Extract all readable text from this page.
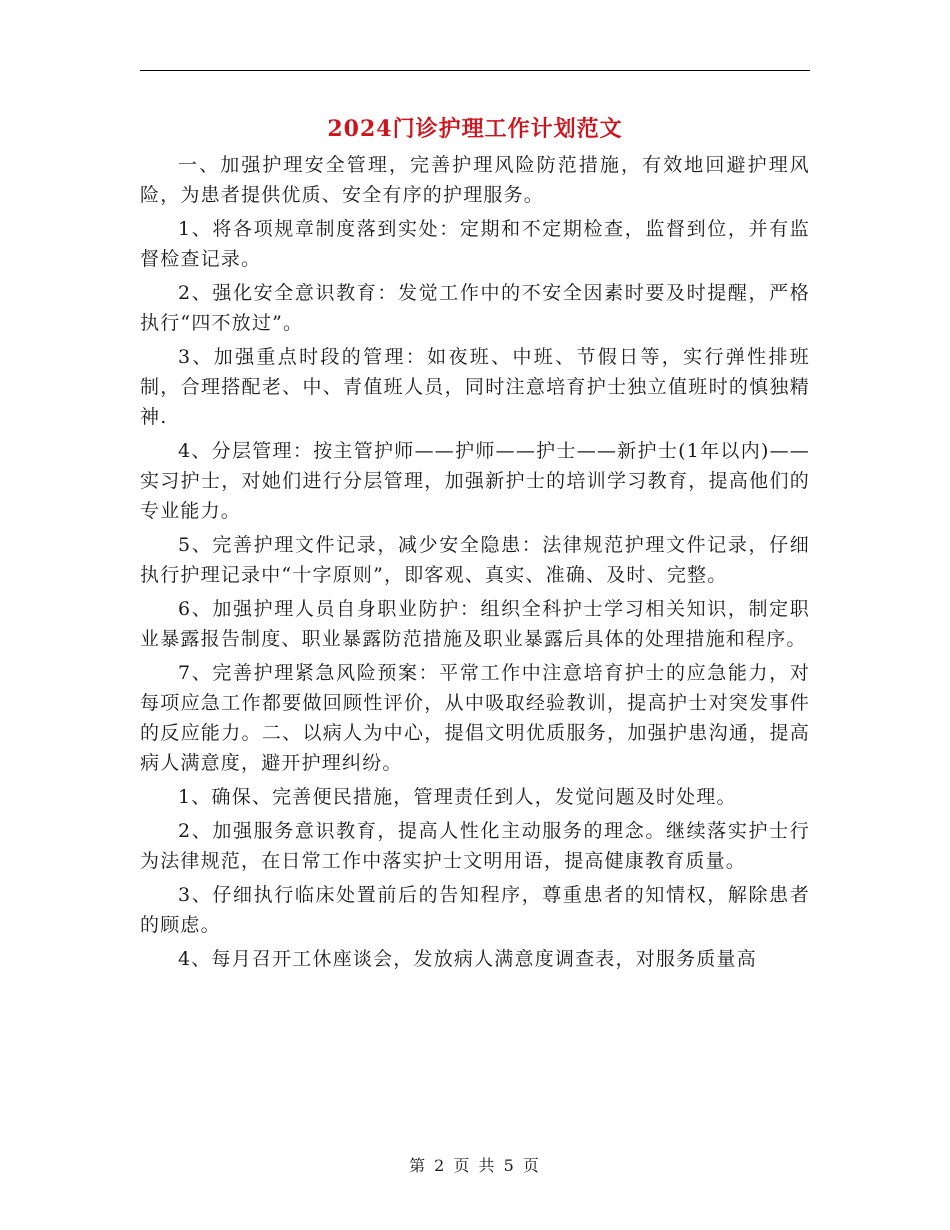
2024门诊护理工作计划范文

一、加强护理安全管理，完善护理风险防范措施，有效地回避护理风险，为患者提供优质、安全有序的护理服务。

1、将各项规章制度落到实处：定期和不定期检查，监督到位，并有监督检查记录。

2、强化安全意识教育：发觉工作中的不安全因素时要及时提醒，严格执行“四不放过”。

3、加强重点时段的管理：如夜班、中班、节假日等，实行弹性排班制，合理搭配老、中、青值班人员，同时注意培育护士独立值班时的慎独精神.

4、分层管理：按主管护师——护师——护士——新护士(1年以内)——实习护士，对她们进行分层管理，加强新护士的培训学习教育，提高他们的专业能力。

5、完善护理文件记录，减少安全隐患：法律规范护理文件记录，仔细执行护理记录中“十字原则”，即客观、真实、准确、及时、完整。

6、加强护理人员自身职业防护：组织全科护士学习相关知识，制定职业暴露报告制度、职业暴露防范措施及职业暴露后具体的处理措施和程序。

7、完善护理紧急风险预案：平常工作中注意培育护士的应急能力，对每项应急工作都要做回顾性评价，从中吸取经验教训，提高护士对突发事件的反应能力。二、以病人为中心，提倡文明优质服务，加强护患沟通，提高病人满意度，避开护理纠纷。

1、确保、完善便民措施，管理责任到人，发觉问题及时处理。

2、加强服务意识教育，提高人性化主动服务的理念。继续落实护士行为法律规范，在日常工作中落实护士文明用语，提高健康教育质量。

3、仔细执行临床处置前后的告知程序，尊重患者的知情权，解除患者的顾虑。

4、每月召开工休座谈会，发放病人满意度调查表，对服务质量高

第 2 页 共 5 页
